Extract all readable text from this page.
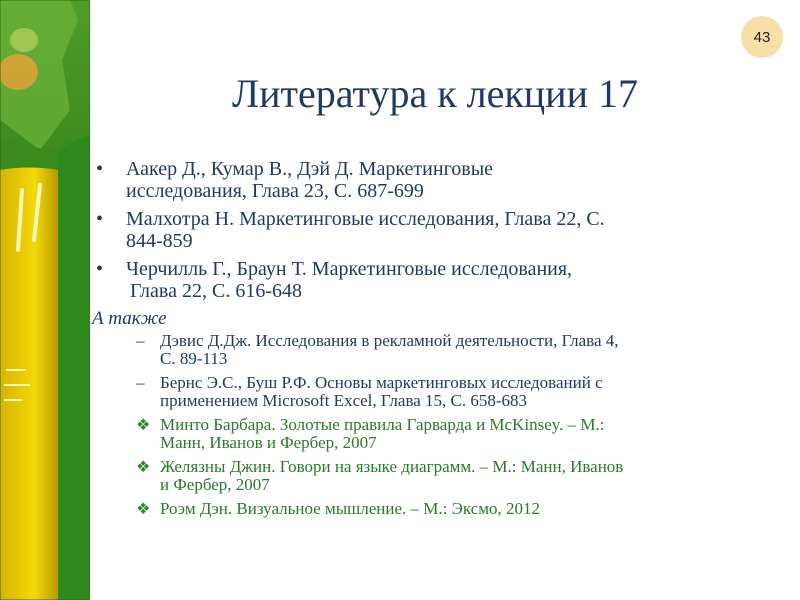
43
Литература к лекции 17
• Аакер Д., Кумар В., Дэй Д. Маркетинговые
исследования, Глава 23, С. 687-699
• Малхотра Н. Маркетинговые исследования, Глава 22, С.
844-859
• Черчилль Г., Браун Т. Маркетинговые исследования,
Глава 22, С. 616-648
А также
– Дэвис Д.Дж. Исследования в рекламной деятельности, Глава 4,
С. 89-113
– Бернс Э.С., Буш Р.Ф. Основы маркетинговых исследований с
применением Microsoft Excel, Глава 15, С. 658-683
❖ Минто Барбара. Золотые правила Гарварда и McKinsey. – М.:
Манн, Иванов и Фербер, 2007
❖ Желязны Джин. Говори на языке диаграмм. – М.: Манн, Иванов
и Фербер, 2007
❖ Роэм Дэн. Визуальное мышление. – М.: Эксмо, 2012
